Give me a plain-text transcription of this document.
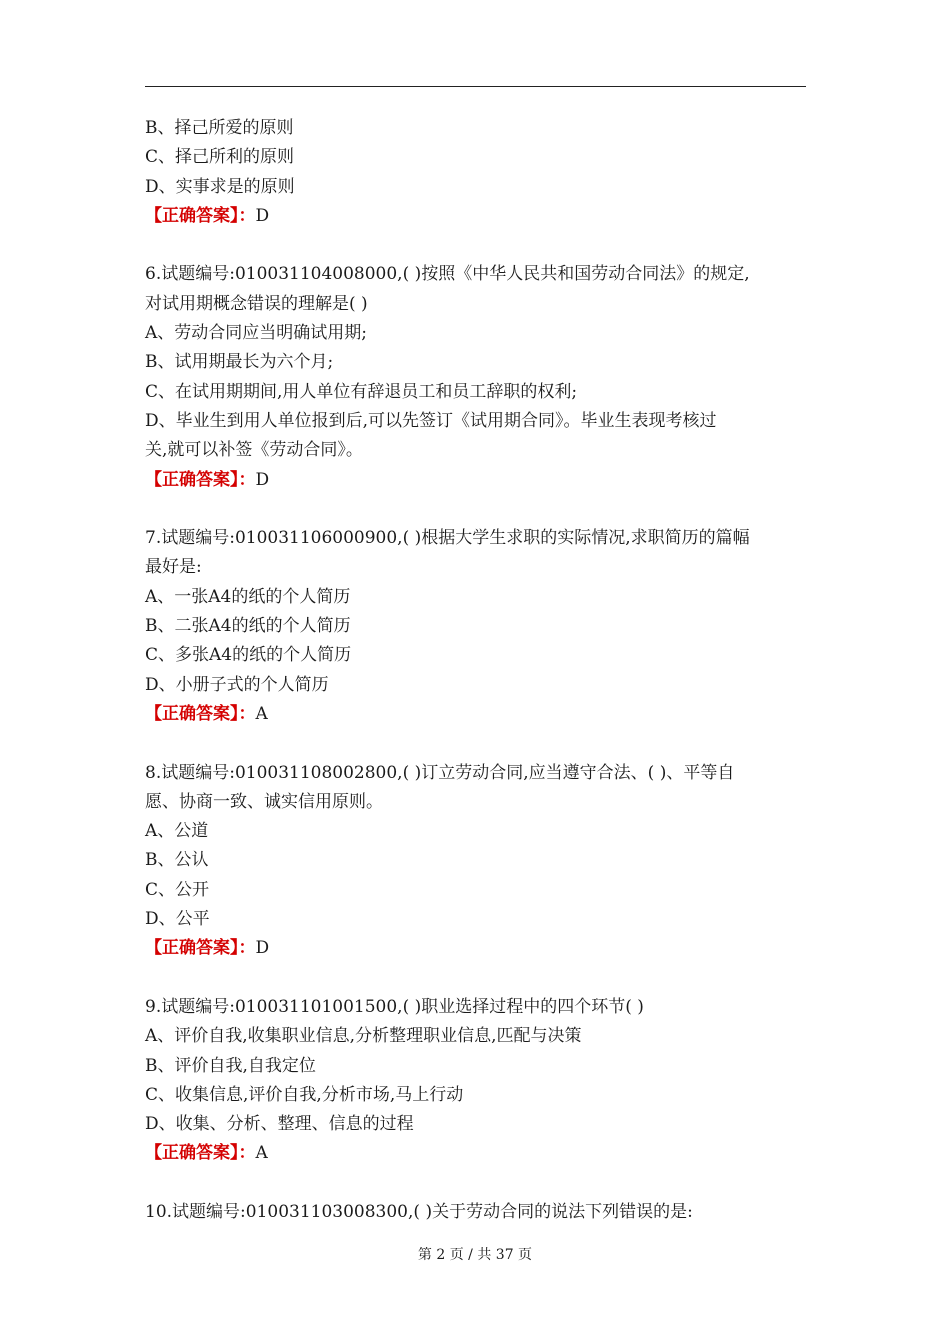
B、择己所爱的原则
C、择己所利的原则
D、实事求是的原则
【正确答案】：D
6.试题编号:010031104008000,( )按照《中华人民共和国劳动合同法》的规定,
对试用期概念错误的理解是( )
A、劳动合同应当明确试用期;
B、试用期最长为六个月;
C、在试用期期间,用人单位有辞退员工和员工辞职的权利;
D、毕业生到用人单位报到后,可以先签订《试用期合同》。毕业生表现考核过
关,就可以补签《劳动合同》。
【正确答案】：D
7.试题编号:010031106000900,( )根据大学生求职的实际情况,求职简历的篇幅
最好是:
A、一张A4的纸的个人简历
B、二张A4的纸的个人简历
C、多张A4的纸的个人简历
D、小册子式的个人简历
【正确答案】：A
8.试题编号:010031108002800,( )订立劳动合同,应当遵守合法、( )、平等自
愿、协商一致、诚实信用原则。
A、公道
B、公认
C、公开
D、公平
【正确答案】：D
9.试题编号:010031101001500,( )职业选择过程中的四个环节( )
A、评价自我,收集职业信息,分析整理职业信息,匹配与决策
B、评价自我,自我定位
C、收集信息,评价自我,分析市场,马上行动
D、收集、分析、整理、信息的过程
【正确答案】：A
10.试题编号:010031103008300,( )关于劳动合同的说法下列错误的是:
第 2 页 / 共 37 页
